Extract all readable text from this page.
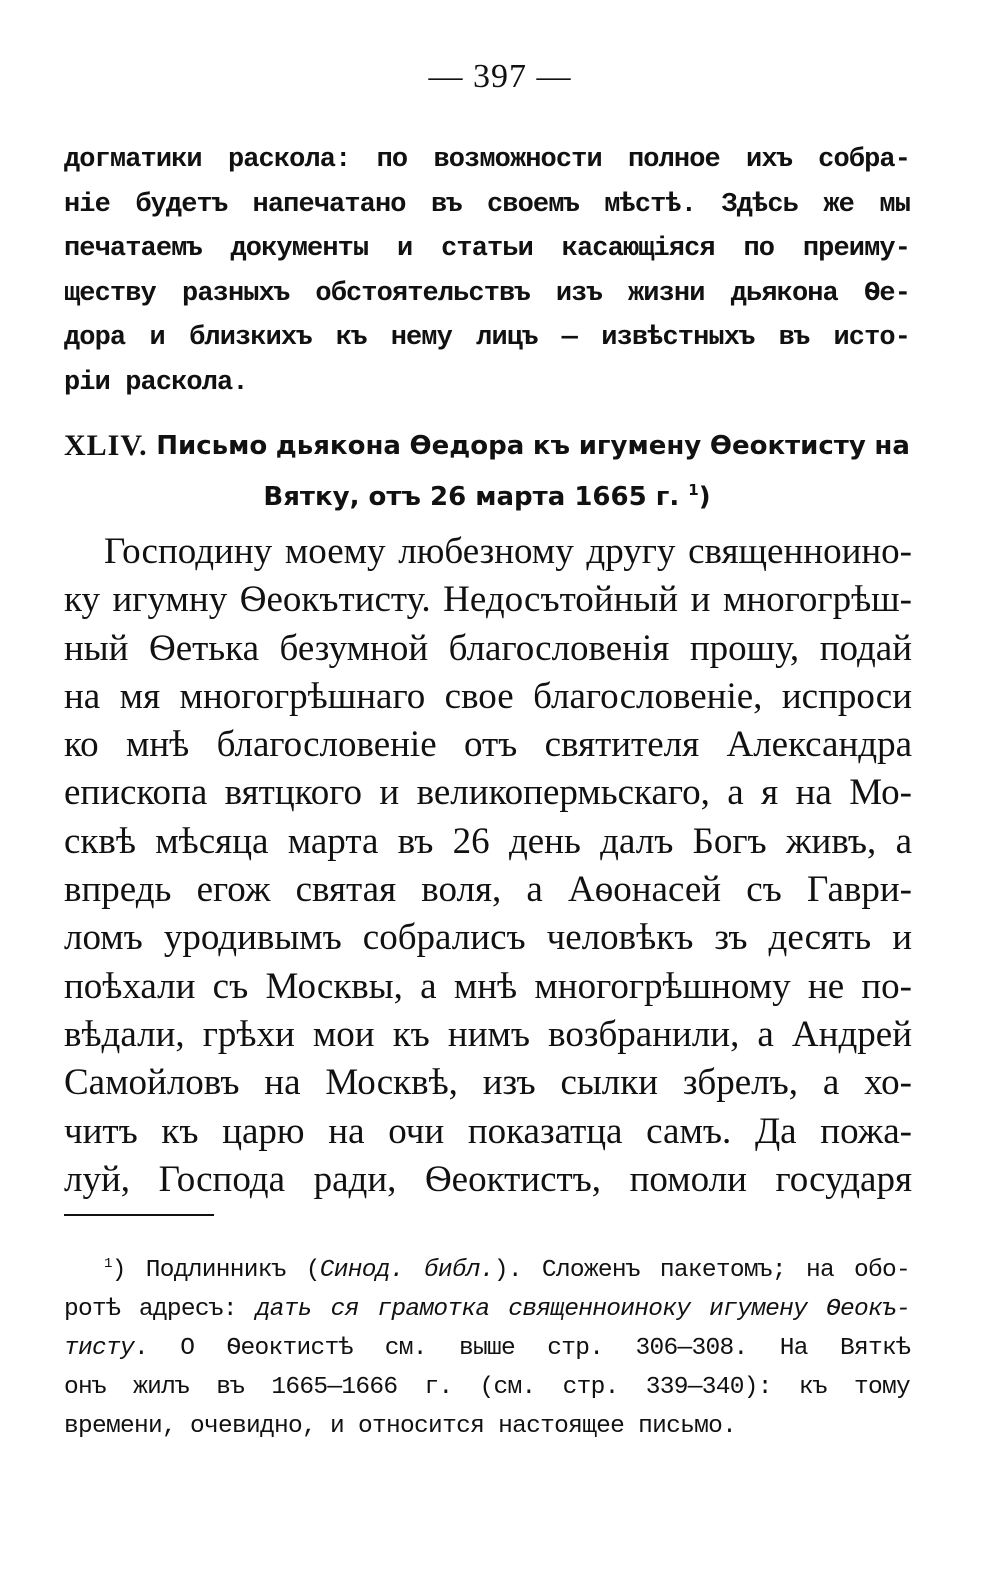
— 397 —
догматики раскола: по возможности полное ихъ собра-
ніе будетъ напечатано въ своемъ мѣстѣ. Здѣсь же мы
печатаемъ документы и статьи касающіяся по преиму-
ществу разныхъ обстоятельствъ изъ жизни дьякона Ѳе-
дора и близкихъ къ нему лицъ — извѣстныхъ въ исто-
ріи раскола.
XLIV. Письмо дьякона Ѳедора къ игумену Ѳеоктисту на
Вятку, отъ 26 марта 1665 г. $^1$)
Господину моему любезному другу священноино-
ку игумну Ѳеокътисту. Недосътойный и многогрѣш-
ный Ѳетька безумной благословенія прошу, подай
на мя многогрѣшнаго свое благословеніе, испроси
ко мнѣ благословеніе отъ святителя Александра
епископа вятцкого и великопермьскаго, а я на Мо-
сквѣ мѣсяца марта въ 26 день далъ Богъ живъ, а
впредь егож святая воля, а Аѳонасей съ Гаври-
ломъ уродивымъ собралисъ человѣкъ зъ десять и
поѣхали съ Москвы, а мнѣ многогрѣшному не по-
вѣдали, грѣхи мои къ нимъ возбранили, а Андрей
Самойловъ на Москвѣ, изъ сылки збрелъ, а хо-
читъ къ царю на очи показатца самъ. Да пожа-
луй, Господа ради, Ѳеоктистъ, помоли государя
$^1$) Подлинникъ (Синод. библ.). Сложенъ пакетомъ; на обо-
ротѣ адресъ: дать ся грамотка священноиноку игумену Ѳеокъ-
тисту. О Ѳеоктистѣ см. выше стр. 306—308. На Вяткѣ
онъ жилъ въ 1665—1666 г. (см. стр. 339—340): къ тому
времени, очевидно, и относится настоящее письмо.
